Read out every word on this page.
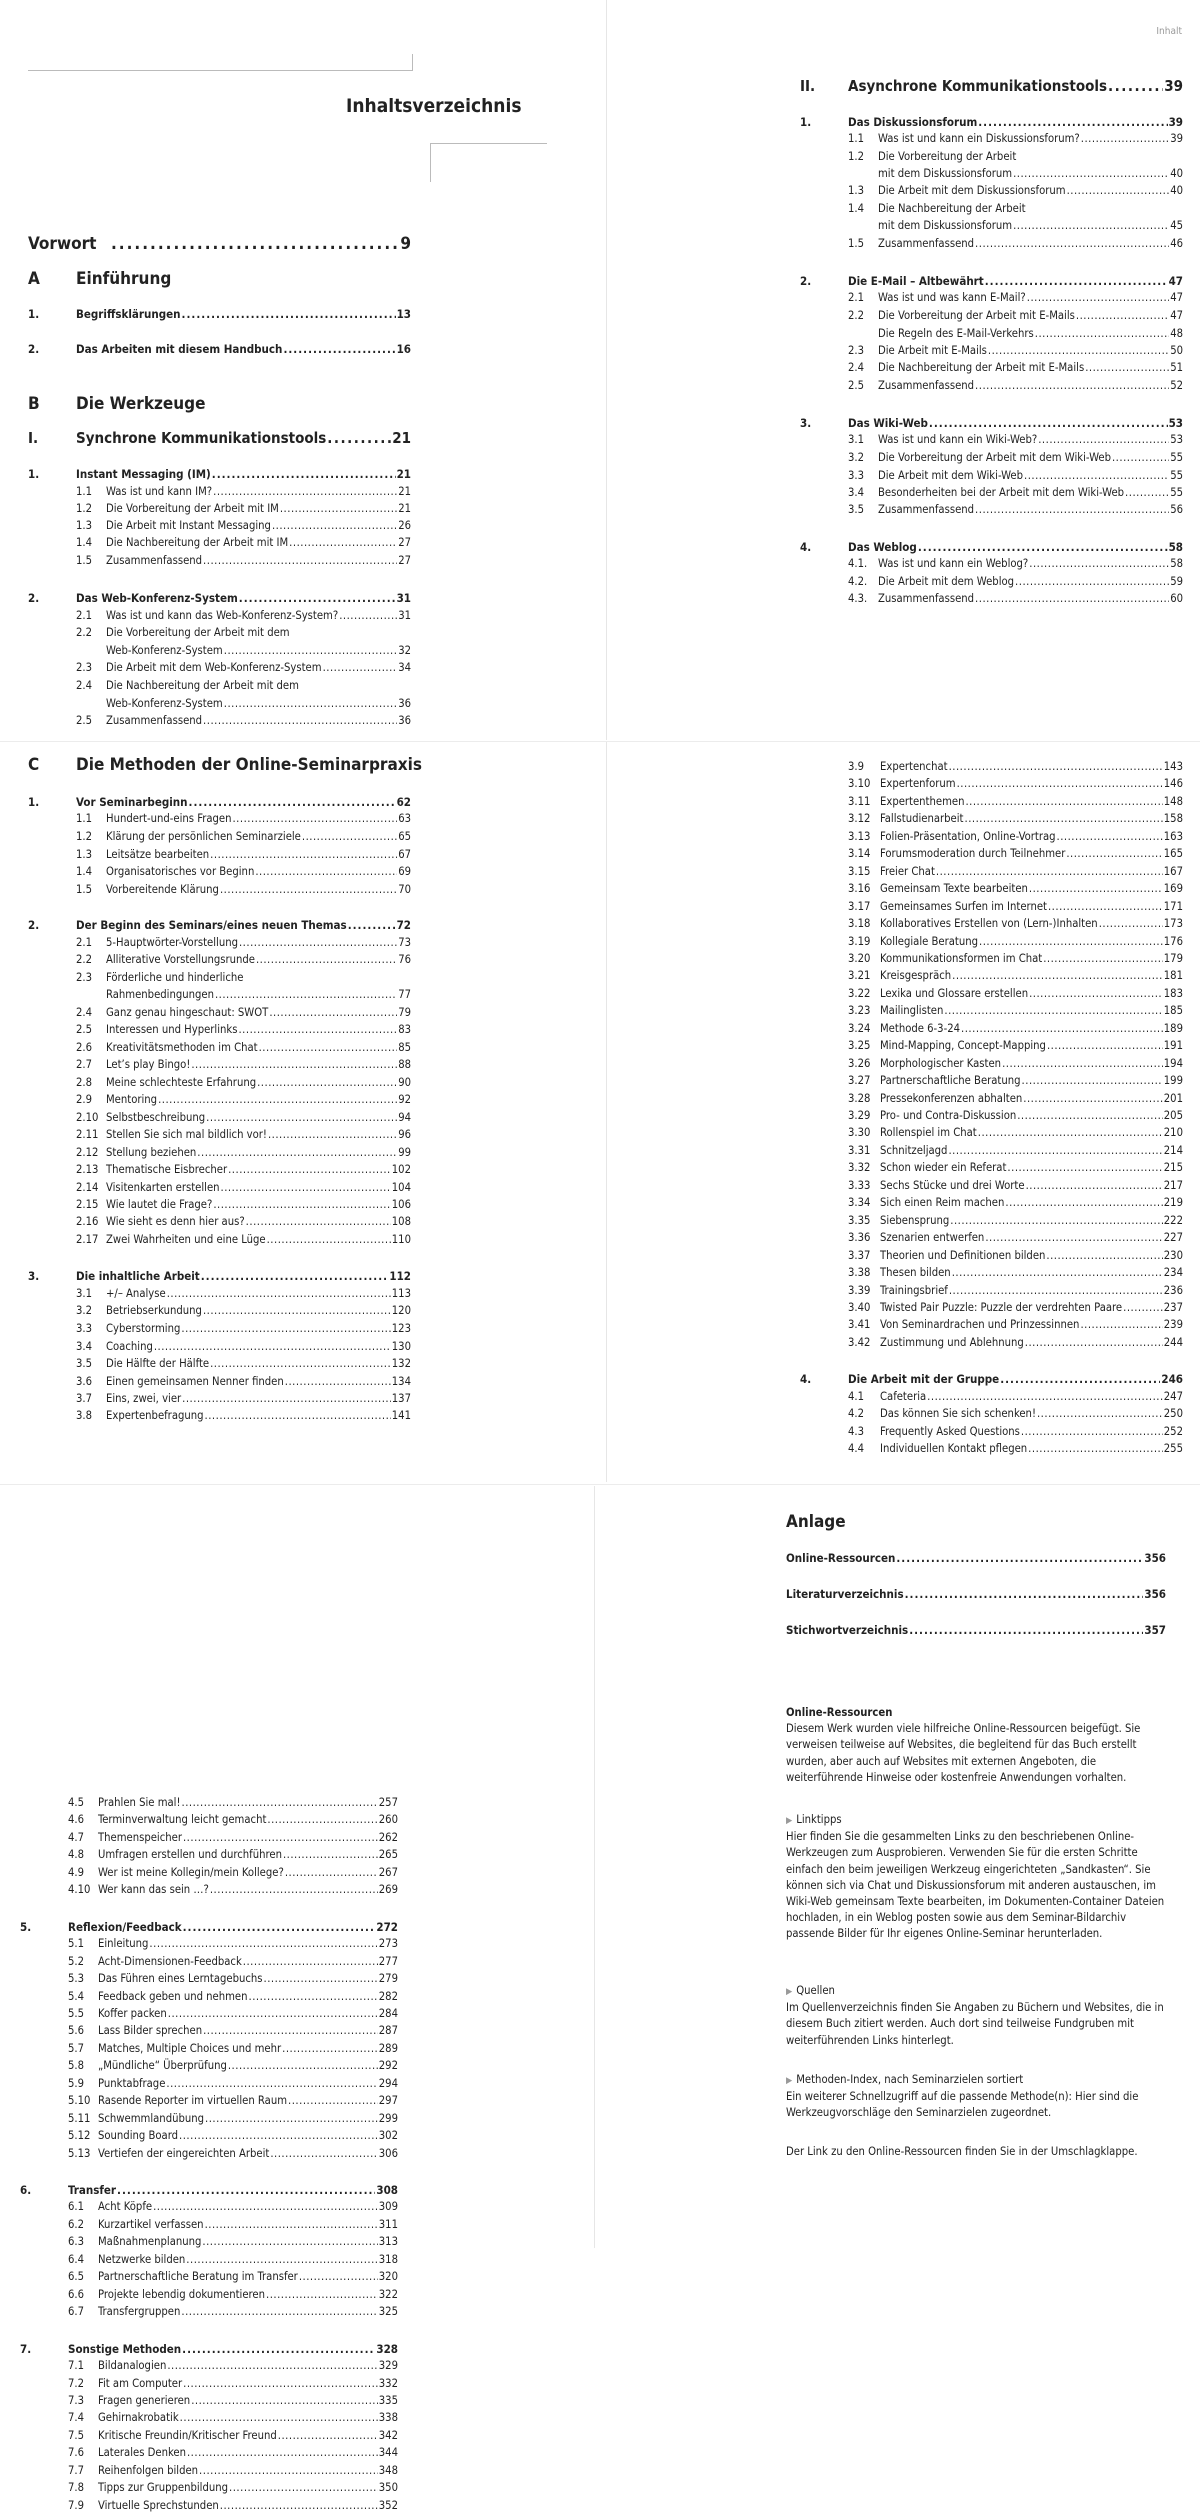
Inhalt
Inhaltsverzeichnis
Vorwort .....	9
A	Einführung
1.	Begriffsklärungen .....	13
2.	Das Arbeiten mit diesem Handbuch .....	16
B	Die Werkzeuge
I.	Synchrone Kommunikationstools .....	21
1.	Instant Messaging (IM) .....	21
1.1	Was ist und kann IM? .....	21
1.2	Die Vorbereitung der Arbeit mit IM .....	21
1.3	Die Arbeit mit Instant Messaging .....	26
1.4	Die Nachbereitung der Arbeit mit IM .....	27
1.5	Zusammenfassend .....	27
2.	Das Web-Konferenz-System .....	31
2.1	Was ist und kann das Web-Konferenz-System? .....	31
2.2	Die Vorbereitung der Arbeit mit dem
Web-Konferenz-System .....	32
2.3	Die Arbeit mit dem Web-Konferenz-System .....	34
2.4	Die Nachbereitung der Arbeit mit dem
Web-Konferenz-System .....	36
2.5	Zusammenfassend .....	36
II.	Asynchrone Kommunikationstools .....	39
1.	Das Diskussionsforum .....	39
1.1	Was ist und kann ein Diskussionsforum? .....	39
1.2	Die Vorbereitung der Arbeit
mit dem Diskussionsforum .....	40
1.3	Die Arbeit mit dem Diskussionsforum .....	40
1.4	Die Nachbereitung der Arbeit
mit dem Diskussionsforum .....	45
1.5	Zusammenfassend .....	46
2.	Die E-Mail – Altbewährt .....	47
2.1	Was ist und was kann E-Mail? .....	47
2.2	Die Vorbereitung der Arbeit mit E-Mails .....	47
Die Regeln des E-Mail-Verkehrs .....	48
2.3	Die Arbeit mit E-Mails .....	50
2.4	Die Nachbereitung der Arbeit mit E-Mails .....	51
2.5	Zusammenfassend .....	52
3.	Das Wiki-Web .....	53
3.1	Was ist und kann ein Wiki-Web? .....	53
3.2	Die Vorbereitung der Arbeit mit dem Wiki-Web .....	55
3.3	Die Arbeit mit dem Wiki-Web .....	55
3.4	Besonderheiten bei der Arbeit mit dem Wiki-Web .....	55
3.5	Zusammenfassend .....	56
4.	Das Weblog .....	58
4.1. Was ist und kann ein Weblog? .....	58
4.2. Die Arbeit mit dem Weblog .....	59
4.3. Zusammenfassend .....	60
C	Die Methoden der Online-Seminarpraxis
1.	Vor Seminarbeginn .....	62
1.1	Hundert-und-eins Fragen .....	63
1.2	Klärung der persönlichen Seminarziele .....	65
1.3	Leitsätze bearbeiten .....	67
1.4	Organisatorisches vor Beginn .....	69
1.5	Vorbereitende Klärung .....	70
2.	Der Beginn des Seminars/eines neuen Themas .....	72
2.1	5-Hauptwörter-Vorstellung .....	73
2.2	Alliterative Vorstellungsrunde .....	76
2.3	Förderliche und hinderliche
Rahmenbedingungen .....	77
2.4	Ganz genau hingeschaut: SWOT .....	79
2.5	Interessen und Hyperlinks .....	83
2.6	Kreativitätsmethoden im Chat .....	85
2.7	Let’s play Bingo! .....	88
2.8	Meine schlechteste Erfahrung .....	90
2.9	Mentoring .....	92
2.10 Selbstbeschreibung .....	94
2.11 Stellen Sie sich mal bildlich vor! .....	96
2.12 Stellung beziehen .....	99
2.13 Thematische Eisbrecher .....	102
2.14 Visitenkarten erstellen .....	104
2.15 Wie lautet die Frage? .....	106
2.16 Wie sieht es denn hier aus? .....	108
2.17 Zwei Wahrheiten und eine Lüge .....	110
3.	Die inhaltliche Arbeit .....	112
3.1	+/– Analyse .....	113
3.2	Betriebserkundung .....	120
3.3	Cyberstorming .....	123
3.4	Coaching .....	130
3.5	Die Hälfte der Hälfte .....	132
3.6	Einen gemeinsamen Nenner finden .....	134
3.7	Eins, zwei, vier .....	137
3.8	Expertenbefragung .....	141
3.9	Expertenchat .....	143
3.10 Expertenforum .....	146
3.11 Expertenthemen .....	148
3.12 Fallstudienarbeit .....	158
3.13 Folien-Präsentation, Online-Vortrag .....	163
3.14 Forumsmoderation durch Teilnehmer .....	165
3.15 Freier Chat .....	167
3.16 Gemeinsam Texte bearbeiten .....	169
3.17 Gemeinsames Surfen im Internet .....	171
3.18 Kollaboratives Erstellen von (Lern-)Inhalten .....	173
3.19 Kollegiale Beratung .....	176
3.20 Kommunikationsformen im Chat .....	179
3.21 Kreisgespräch .....	181
3.22 Lexika und Glossare erstellen .....	183
3.23 Mailinglisten .....	185
3.24 Methode 6-3-24 .....	189
3.25 Mind-Mapping, Concept-Mapping .....	191
3.26 Morphologischer Kasten .....	194
3.27 Partnerschaftliche Beratung .....	199
3.28 Pressekonferenzen abhalten .....	201
3.29 Pro- und Contra-Diskussion .....	205
3.30 Rollenspiel im Chat .....	210
3.31 Schnitzeljagd .....	214
3.32 Schon wieder ein Referat .....	215
3.33 Sechs Stücke und drei Worte .....	217
3.34 Sich einen Reim machen .....	219
3.35 Siebensprung .....	222
3.36 Szenarien entwerfen .....	227
3.37 Theorien und Definitionen bilden .....	230
3.38 Thesen bilden .....	234
3.39 Trainingsbrief .....	236
3.40 Twisted Pair Puzzle: Puzzle der verdrehten Paare .....	237
3.41 Von Seminardrachen und Prinzessinnen .....	239
3.42 Zustimmung und Ablehnung .....	244
4.	Die Arbeit mit der Gruppe .....	246
4.1	Cafeteria .....	247
4.2	Das können Sie sich schenken! .....	250
4.3	Frequently Asked Questions .....	252
4.4	Individuellen Kontakt pflegen .....	255
4.5	Prahlen Sie mal! .....	257
4.6	Terminverwaltung leicht gemacht .....	260
4.7	Themenspeicher .....	262
4.8	Umfragen erstellen und durchführen .....	265
4.9	Wer ist meine Kollegin/mein Kollege? .....	267
4.10 Wer kann das sein …? .....	269
5.	Reflexion/Feedback .....	272
5.1	Einleitung .....	273
5.2	Acht-Dimensionen-Feedback .....	277
5.3	Das Führen eines Lerntagebuchs .....	279
5.4	Feedback geben und nehmen .....	282
5.5	Koffer packen .....	284
5.6	Lass Bilder sprechen .....	287
5.7	Matches, Multiple Choices und mehr .....	289
5.8	„Mündliche“ Überprüfung .....	292
5.9	Punktabfrage .....	294
5.10 Rasende Reporter im virtuellen Raum .....	297
5.11 Schwemmlandübung .....	299
5.12 Sounding Board .....	302
5.13 Vertiefen der eingereichten Arbeit .....	306
6.	Transfer .....	308
6.1	Acht Köpfe .....	309
6.2	Kurzartikel verfassen .....	311
6.3	Maßnahmenplanung .....	313
6.4	Netzwerke bilden .....	318
6.5	Partnerschaftliche Beratung im Transfer .....	320
6.6	Projekte lebendig dokumentieren .....	322
6.7	Transfergruppen .....	325
7.	Sonstige Methoden .....	328
7.1	Bildanalogien .....	329
7.2	Fit am Computer .....	332
7.3	Fragen generieren .....	335
7.4	Gehirnakrobatik .....	338
7.5	Kritische Freundin/Kritischer Freund .....	342
7.6	Laterales Denken .....	344
7.7	Reihenfolgen bilden .....	348
7.8	Tipps zur Gruppenbildung .....	350
7.9	Virtuelle Sprechstunden .....	352
Anlage
Online-Ressourcen .....	356
Literaturverzeichnis .....	356
Stichwortverzeichnis .....	357
Online-Ressourcen
Diesem Werk wurden viele hilfreiche Online-Ressourcen beigefügt. Sie verweisen teilweise auf Websites, die begleitend für das Buch erstellt wurden, aber auch auf Websites mit externen Angeboten, die weiterführende Hinweise oder kostenfreie Anwendungen vorhalten.
▶ Linktipps
Hier finden Sie die gesammelten Links zu den beschriebenen Online-Werkzeugen zum Ausprobieren. Verwenden Sie für die ersten Schritte einfach den beim jeweiligen Werkzeug eingerichteten „Sandkasten“. Sie können sich via Chat und Diskussionsforum mit anderen austauschen, im Wiki-Web gemeinsam Texte bearbeiten, im Dokumenten-Container Dateien hochladen, in ein Weblog posten sowie aus dem Seminar-Bildarchiv passende Bilder für Ihr eigenes Online-Seminar herunterladen.
▶ Quellen
Im Quellenverzeichnis finden Sie Angaben zu Büchern und Websites, die in diesem Buch zitiert werden. Auch dort sind teilweise Fundgruben mit weiterführenden Links hinterlegt.
▶ Methoden-Index, nach Seminarzielen sortiert
Ein weiterer Schnellzugriff auf die passende Methode(n): Hier sind die Werkzeugvorschläge den Seminarzielen zugeordnet.
Der Link zu den Online-Ressourcen finden Sie in der Umschlagklappe.
